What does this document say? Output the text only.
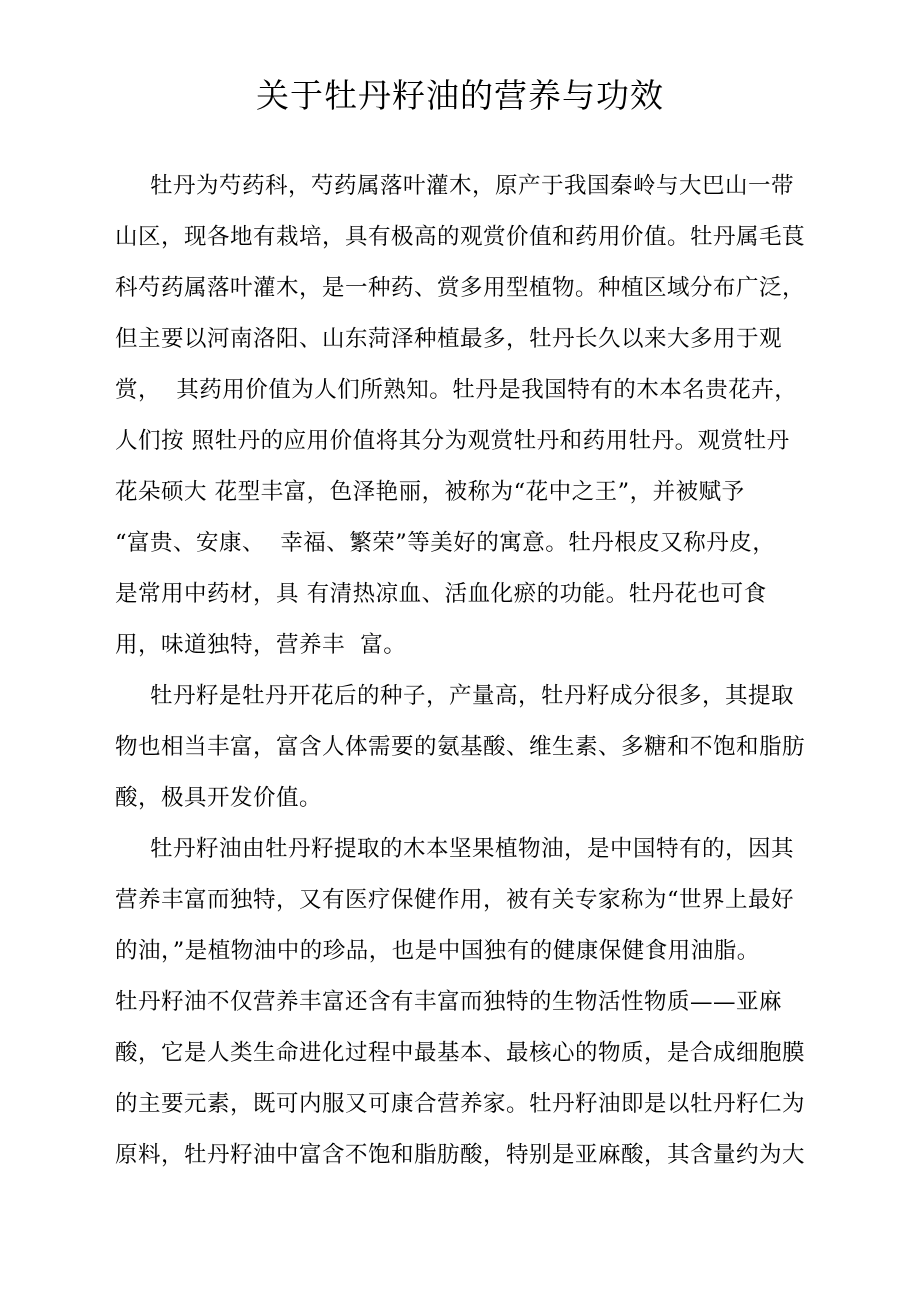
关于牡丹籽油的营养与功效
牡丹为芍药科，芍药属落叶灌木，原产于我国秦岭与大巴山一带
山区，现各地有栽培，具有极高的观赏价值和药用价值。牡丹属毛茛
科芍药属落叶灌木，是一种药、赏多用型植物。种植区域分布广泛，
但主要以河南洛阳、山东菏泽种植最多，牡丹长久以来大多用于观
赏，  其药用价值为人们所熟知。牡丹是我国特有的木本名贵花卉，
人们按 照牡丹的应用价值将其分为观赏牡丹和药用牡丹。观赏牡丹
花朵硕大 花型丰富，色泽艳丽，被称为“花中之王”，并被赋予
“富贵、安康、  幸福、繁荣”等美好的寓意。牡丹根皮又称丹皮，
是常用中药材，具 有清热凉血、活血化瘀的功能。牡丹花也可食
用，味道独特，营养丰  富。
牡丹籽是牡丹开花后的种子，产量高，牡丹籽成分很多，其提取
物也相当丰富，富含人体需要的氨基酸、维生素、多糖和不饱和脂肪
酸，极具开发价值。
牡丹籽油由牡丹籽提取的木本坚果植物油，是中国特有的，因其
营养丰富而独特，又有医疗保健作用，被有关专家称为“世界上最好
的油，”是植物油中的珍品，也是中国独有的健康保健食用油脂。
牡丹籽油不仅营养丰富还含有丰富而独特的生物活性物质——亚麻
酸，它是人类生命进化过程中最基本、最核心的物质，是合成细胞膜
的主要元素，既可内服又可康合营养家。牡丹籽油即是以牡丹籽仁为
原料，牡丹籽油中富含不饱和脂肪酸，特别是亚麻酸，其含量约为大
